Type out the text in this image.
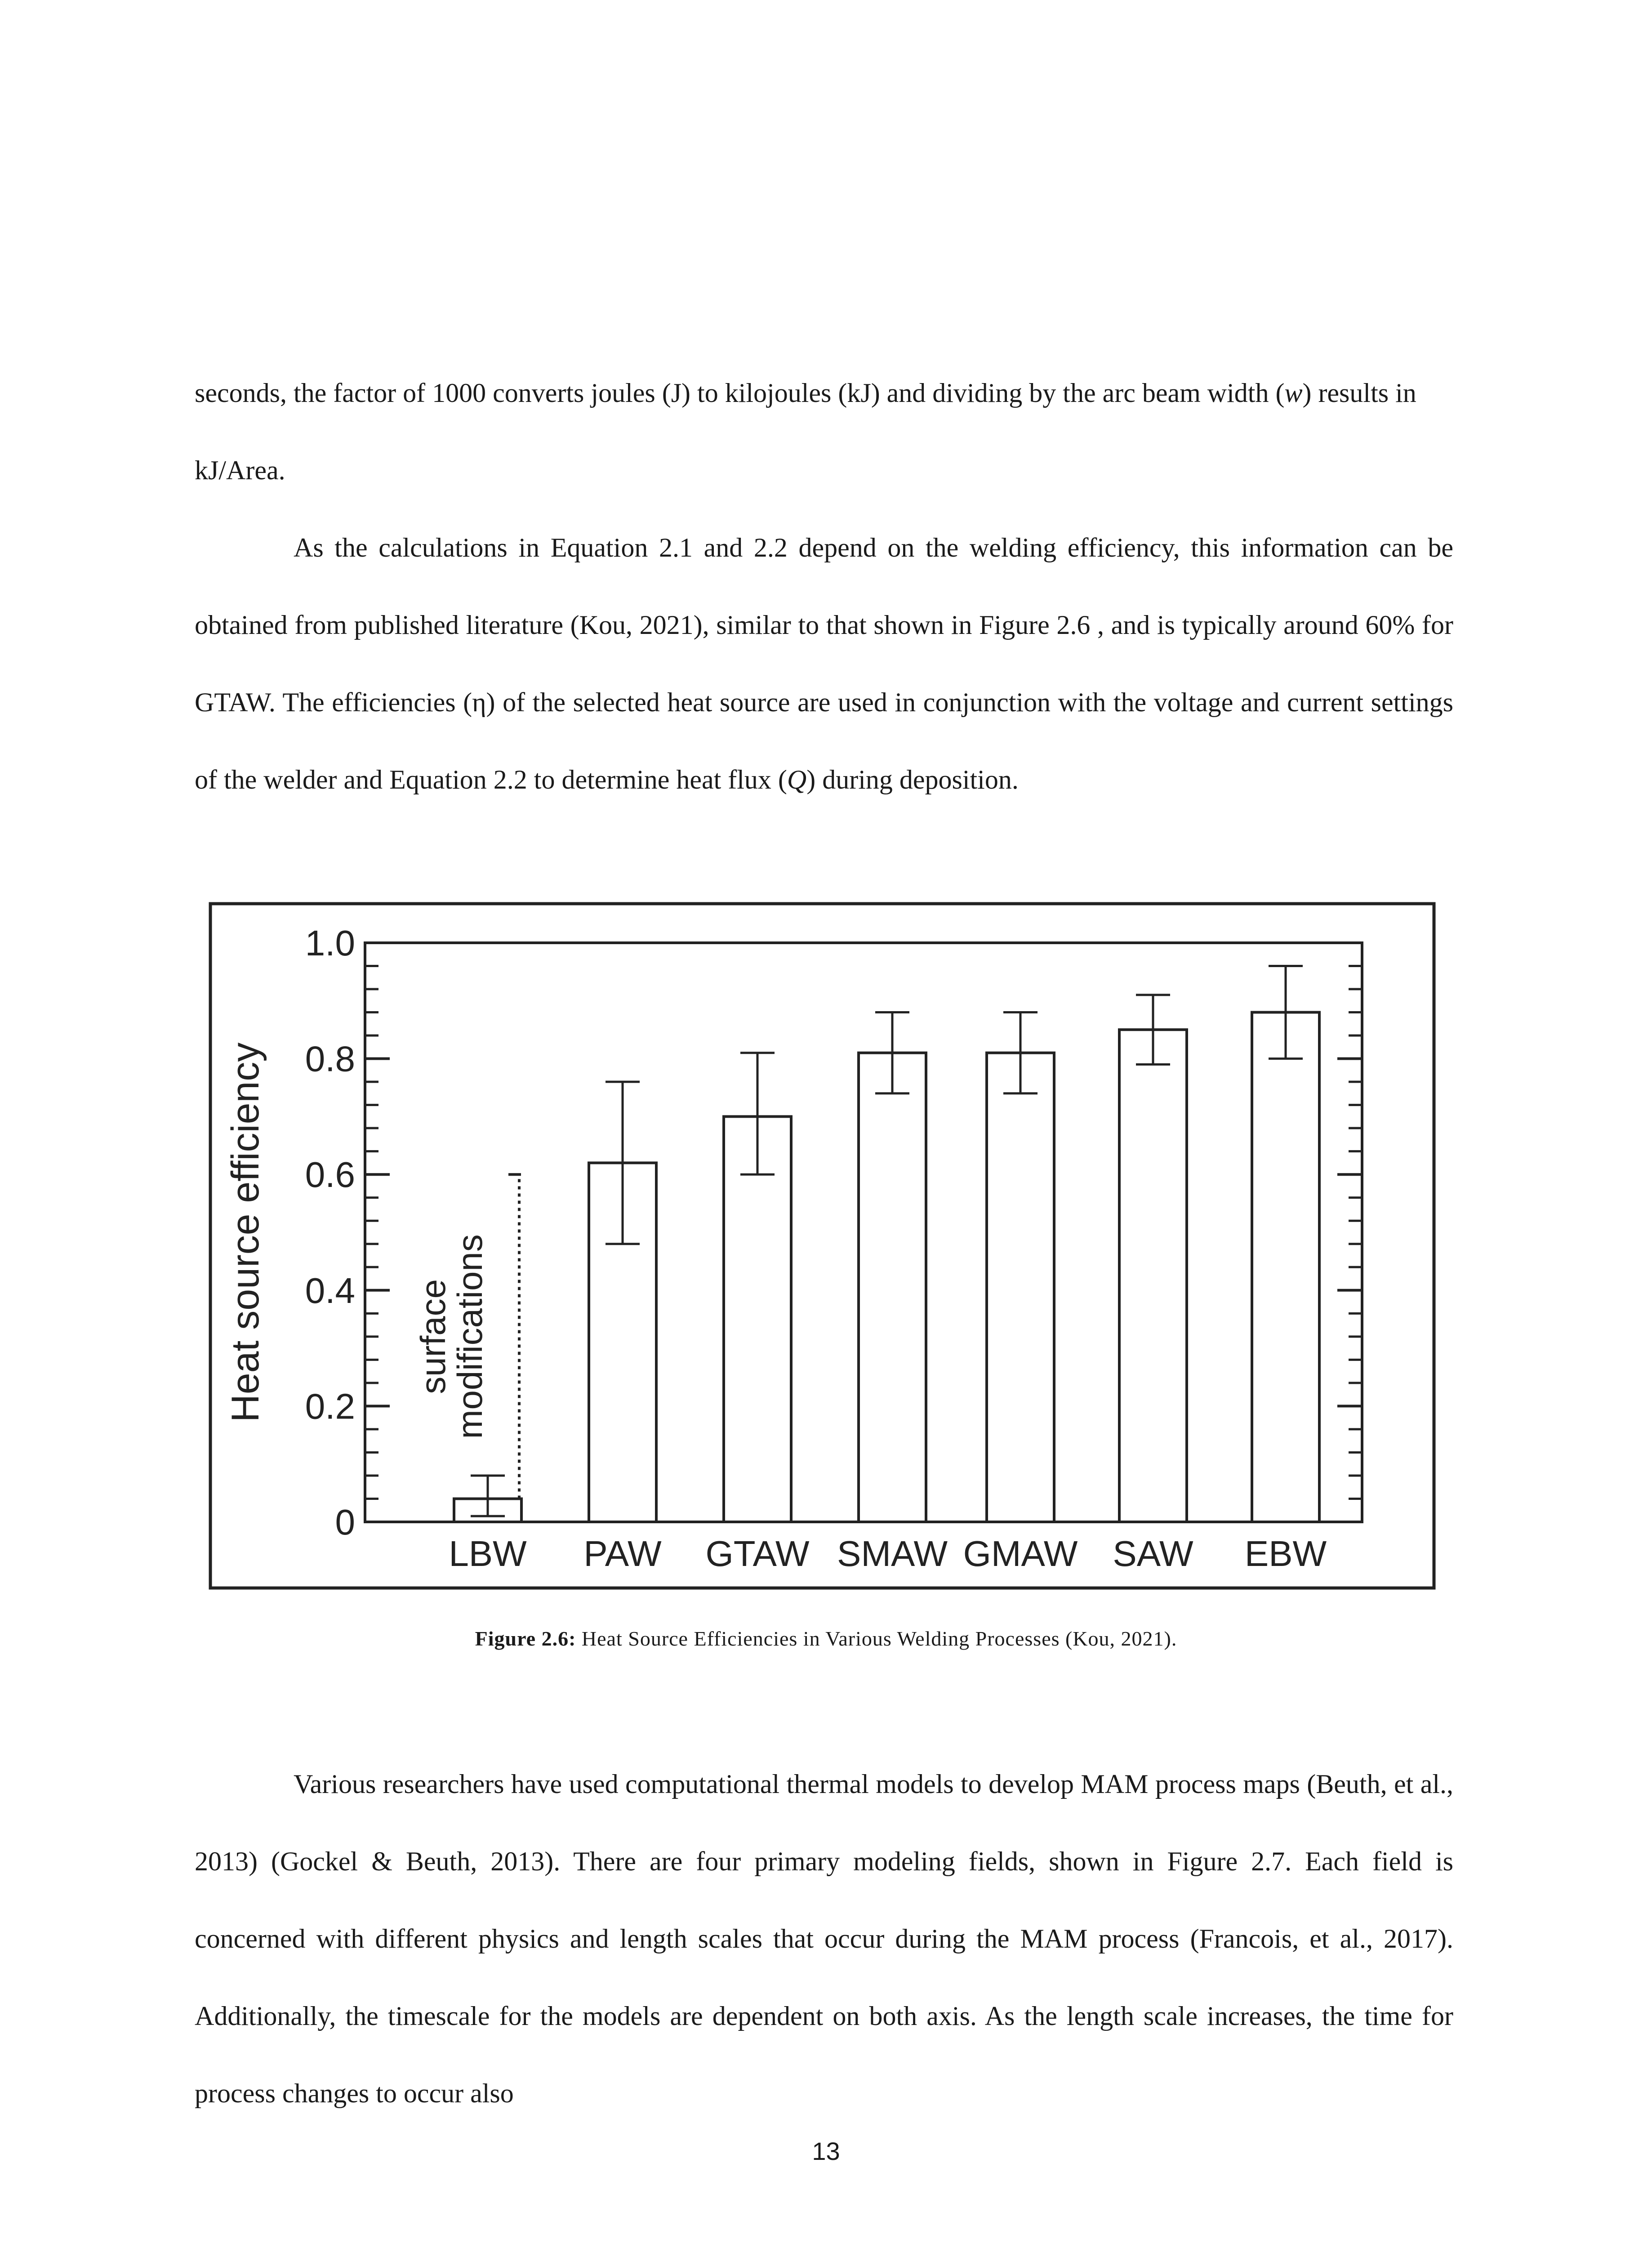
seconds, the factor of 1000 converts joules (J) to kilojoules (kJ) and dividing by the arc beam width (w) results in kJ/Area.

As the calculations in Equation 2.1 and 2.2 depend on the welding efficiency, this information can be obtained from published literature (Kou, 2021), similar to that shown in Figure 2.6 , and is typically around 60% for GTAW. The efficiencies (η) of the selected heat source are used in conjunction with the voltage and current settings of the welder and Equation 2.2 to determine heat flux (Q) during deposition.

0
0.2
0.4
0.6
0.8
1.0
Heat source efficiency
LBW PAW GTAW SMAW GMAW SAW EBW
surface
modifications
Figure 2.6: Heat Source Efficiencies in Various Welding Processes (Kou, 2021).

Various researchers have used computational thermal models to develop MAM process maps (Beuth, et al., 2013) (Gockel & Beuth, 2013). There are four primary modeling fields, shown in Figure 2.7. Each field is concerned with different physics and length scales that occur during the MAM process (Francois, et al., 2017). Additionally, the timescale for the models are dependent on both axis. As the length scale increases, the time for process changes to occur also

13
